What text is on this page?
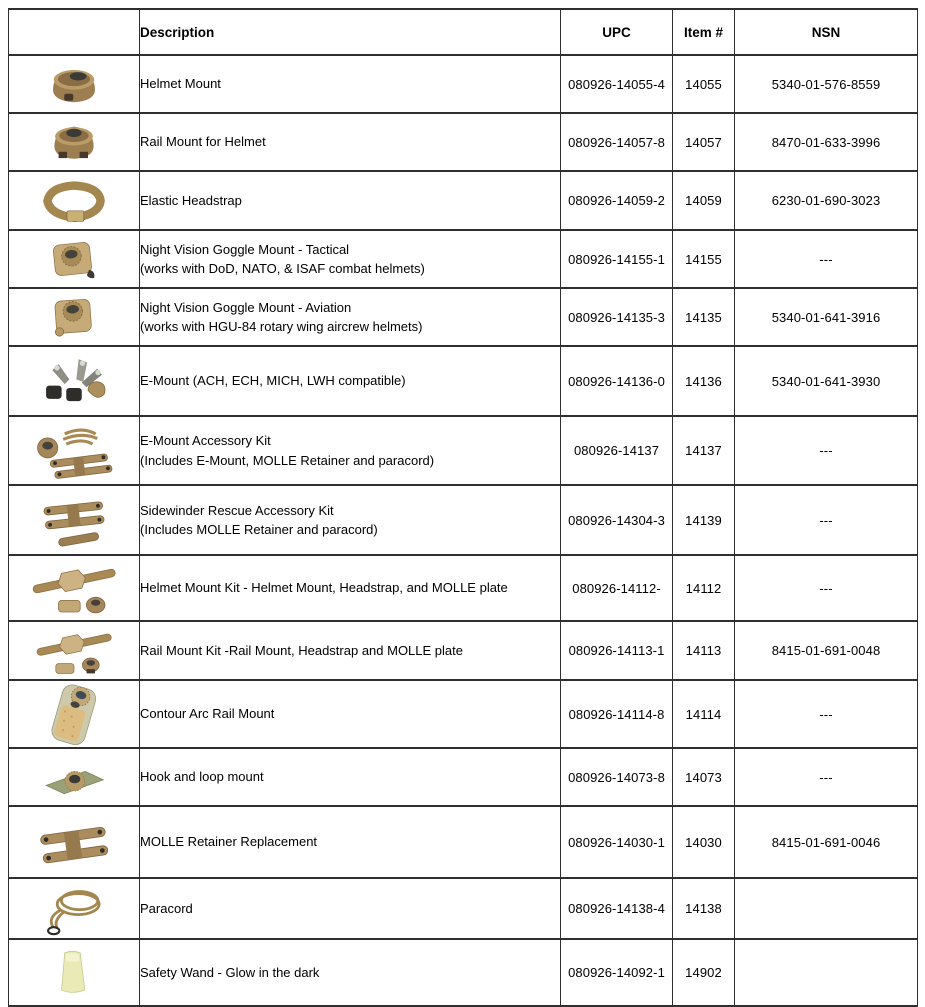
	Description	UPC	Item #	NSN

Helmet Mount	080926-14055-4	14055	5340-01-576-8559

Rail Mount for Helmet	080926-14057-8	14057	8470-01-633-3996

Elastic Headstrap	080926-14059-2	14059	6230-01-690-3023

Night Vision Goggle Mount - Tactical
(works with DoD, NATO, & ISAF combat helmets)	080926-14155-1	14155	---

Night Vision Goggle Mount - Aviation
(works with HGU-84 rotary wing aircrew helmets)	080926-14135-3	14135	5340-01-641-3916

E-Mount (ACH, ECH, MICH, LWH compatible)	080926-14136-0	14136	5340-01-641-3930

E-Mount Accessory Kit
(Includes E-Mount, MOLLE Retainer and paracord)	080926-14137	14137	---

Sidewinder Rescue Accessory Kit
(Includes MOLLE Retainer and paracord)	080926-14304-3	14139	---

Helmet Mount Kit - Helmet Mount, Headstrap, and MOLLE plate	080926-14112-	14112	---

Rail Mount Kit -Rail Mount, Headstrap and MOLLE plate	080926-14113-1	14113	8415-01-691-0048

Contour Arc Rail Mount	080926-14114-8	14114	---

Hook and loop mount	080926-14073-8	14073	---

MOLLE Retainer Replacement	080926-14030-1	14030	8415-01-691-0046

Paracord	080926-14138-4	14138	

Safety Wand - Glow in the dark	080926-14092-1	14902	
